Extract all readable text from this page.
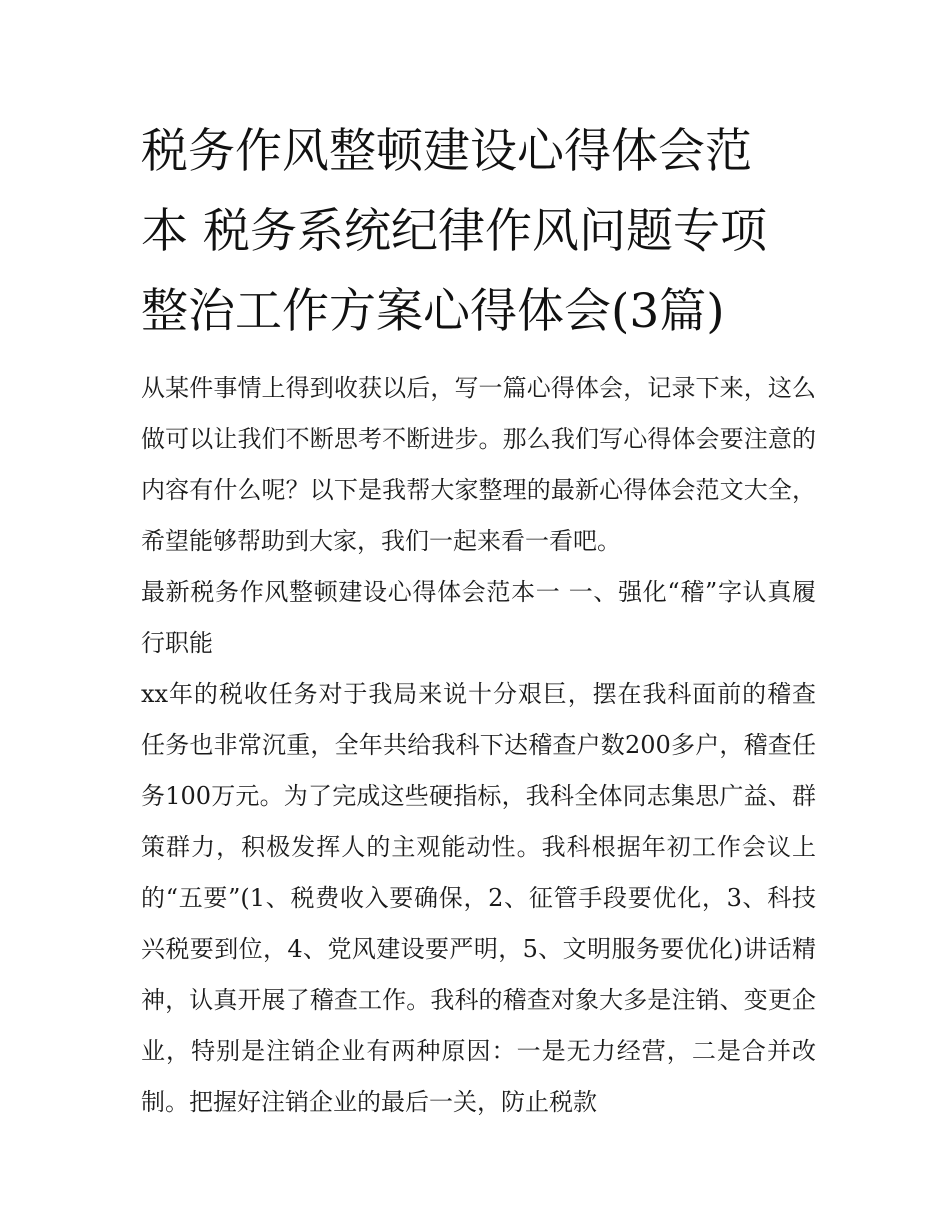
税务作风整顿建设心得体会范
本 税务系统纪律作风问题专项
整治工作方案心得体会(3篇)

从某件事情上得到收获以后，写一篇心得体会，记录下来，这么做可以让我们不断思考不断进步。那么我们写心得体会要注意的内容有什么呢？以下是我帮大家整理的最新心得体会范文大全，希望能够帮助到大家，我们一起来看一看吧。

最新税务作风整顿建设心得体会范本一 一、强化“稽”字认真履行职能

xx年的税收任务对于我局来说十分艰巨，摆在我科面前的稽查任务也非常沉重，全年共给我科下达稽查户数200多户，稽查任务100万元。为了完成这些硬指标，我科全体同志集思广益、群策群力，积极发挥人的主观能动性。我科根据年初工作会议上的“五要”(1、税费收入要确保，2、征管手段要优化，3、科技兴税要到位，4、党风建设要严明，5、文明服务要优化)讲话精神，认真开展了稽查工作。我科的稽查对象大多是注销、变更企业，特别是注销企业有两种原因：一是无力经营，二是合并改制。把握好注销企业的最后一关，防止税款
